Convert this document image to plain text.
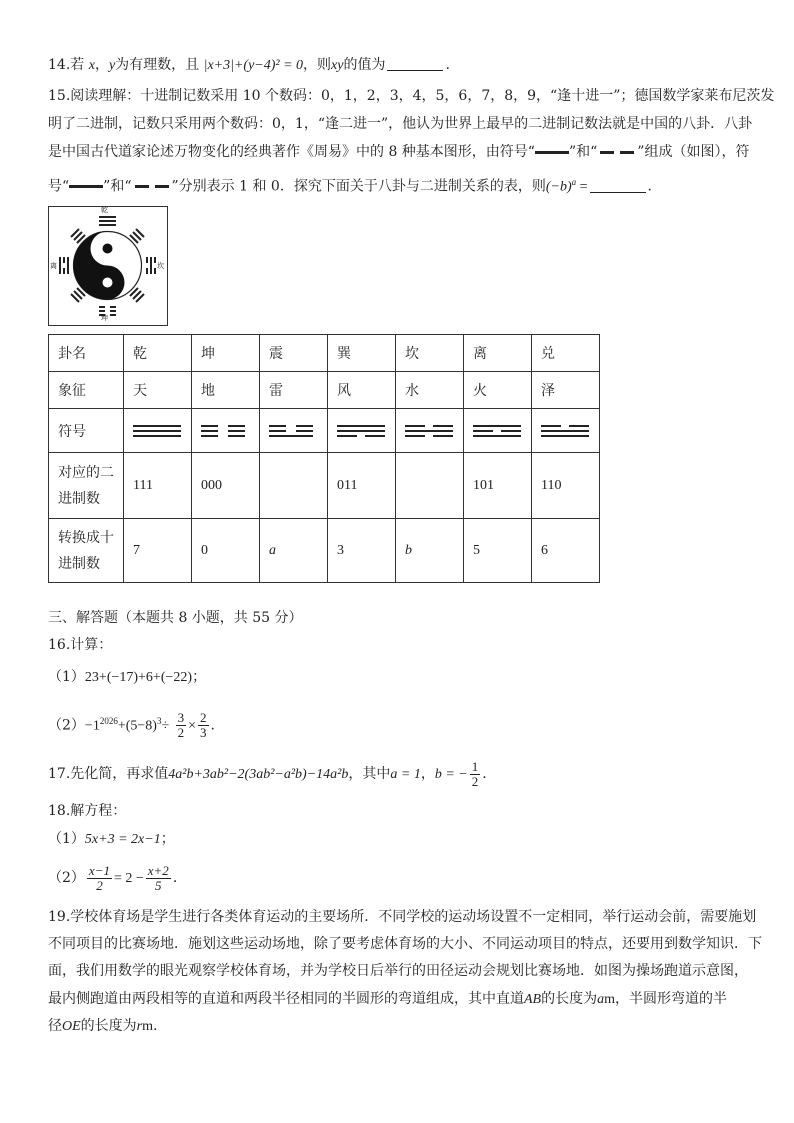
14.若 x，y为有理数，且 |x+3|+(y−4)² = 0，则xy的值为	.
15.阅读理解：十进制记数采用 10 个数码：0，1，2，3，4，5，6，7，8，9，“逢十进一”；德国数学家莱布尼茨发
明了二进制，记数只采用两个数码：0，1，“逢二进一”，他认为世界上最早的二进制记数法就是中国的八卦．八卦
是中国古代道家论述万物变化的经典著作《周易》中的 8 种基本图形，由符号“ ”和“	”组成（如图），符
号“ ”和“	”分别表示 1 和 0．探究下面关于八卦与二进制关系的表，则$(-b)^a$ =	.
乾
坤
离	坎
卦名	乾	坤	震	巽	坎	离	兑
象征	天	地	雷	风	水	火	泽
符号	

对应的二
进制数	111	000		011		101	110
转换成十
进制数	7	0	a	3	b	5	6
三、解答题（本题共 8 小题，共 55 分）
16.计算：
（1）23+(−17)+6+(−22)；
$(2)-1^{2026}+(5-8)^3\div \frac{3}{2} \times \frac{2}{3}$ .
17.先化简，再求值4a²b+3ab²−2(3ab²−a²b)−14a²b，其中a = 1，b = − $\frac{1}{2}$ .
18.解方程：
（1）5x+3 = 2x−1；
$(2) \frac{x-1}{2} = 2 - \frac{x+2}{5}$ .
19.学校体育场是学生进行各类体育运动的主要场所．不同学校的运动场设置不一定相同，举行运动会前，需要施划
不同项目的比赛场地．施划这些运动场地，除了要考虑体育场的大小、不同运动项目的特点，还要用到数学知识．下
面，我们用数学的眼光观察学校体育场，并为学校日后举行的田径运动会规划比赛场地．如图为操场跑道示意图，
最内侧跑道由两段相等的直道和两段半径相同的半圆形的弯道组成，其中直道AB的长度为am，半圆形弯道的半
径OE的长度为rm.
